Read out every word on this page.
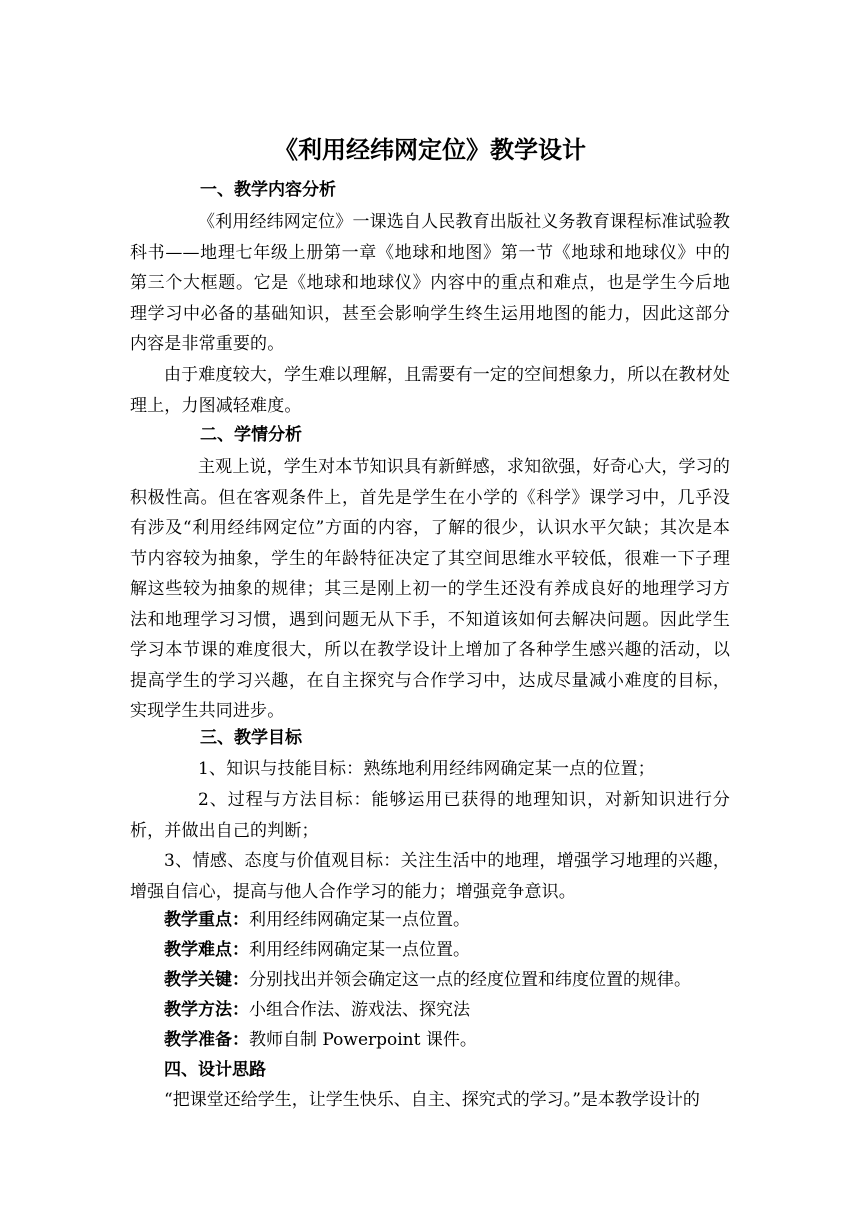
《利用经纬网定位》教学设计
一、教学内容分析
《利用经纬网定位》一课选自人民教育出版社义务教育课程标准试验教科书——地理七年级上册第一章《地球和地图》第一节《地球和地球仪》中的第三个大框题。它是《地球和地球仪》内容中的重点和难点，也是学生今后地理学习中必备的基础知识，甚至会影响学生终生运用地图的能力，因此这部分内容是非常重要的。
由于难度较大，学生难以理解，且需要有一定的空间想象力，所以在教材处理上，力图减轻难度。
二、学情分析
主观上说，学生对本节知识具有新鲜感，求知欲强，好奇心大，学习的积极性高。但在客观条件上，首先是学生在小学的《科学》课学习中，几乎没有涉及“利用经纬网定位”方面的内容，了解的很少，认识水平欠缺；其次是本节内容较为抽象，学生的年龄特征决定了其空间思维水平较低，很难一下子理解这些较为抽象的规律；其三是刚上初一的学生还没有养成良好的地理学习方法和地理学习习惯，遇到问题无从下手，不知道该如何去解决问题。因此学生学习本节课的难度很大，所以在教学设计上增加了各种学生感兴趣的活动，以提高学生的学习兴趣，在自主探究与合作学习中，达成尽量减小难度的目标，实现学生共同进步。
三、教学目标
1、知识与技能目标：熟练地利用经纬网确定某一点的位置；
2、过程与方法目标：能够运用已获得的地理知识，对新知识进行分析，并做出自己的判断；
3、情感、态度与价值观目标：关注生活中的地理，增强学习地理的兴趣，增强自信心，提高与他人合作学习的能力；增强竞争意识。
教学重点：利用经纬网确定某一点位置。
教学难点：利用经纬网确定某一点位置。
教学关键：分别找出并领会确定这一点的经度位置和纬度位置的规律。
教学方法：小组合作法、游戏法、探究法
教学准备：教师自制 Powerpoint 课件。
四、设计思路
“把课堂还给学生，让学生快乐、自主、探究式的学习。”是本教学设计的
